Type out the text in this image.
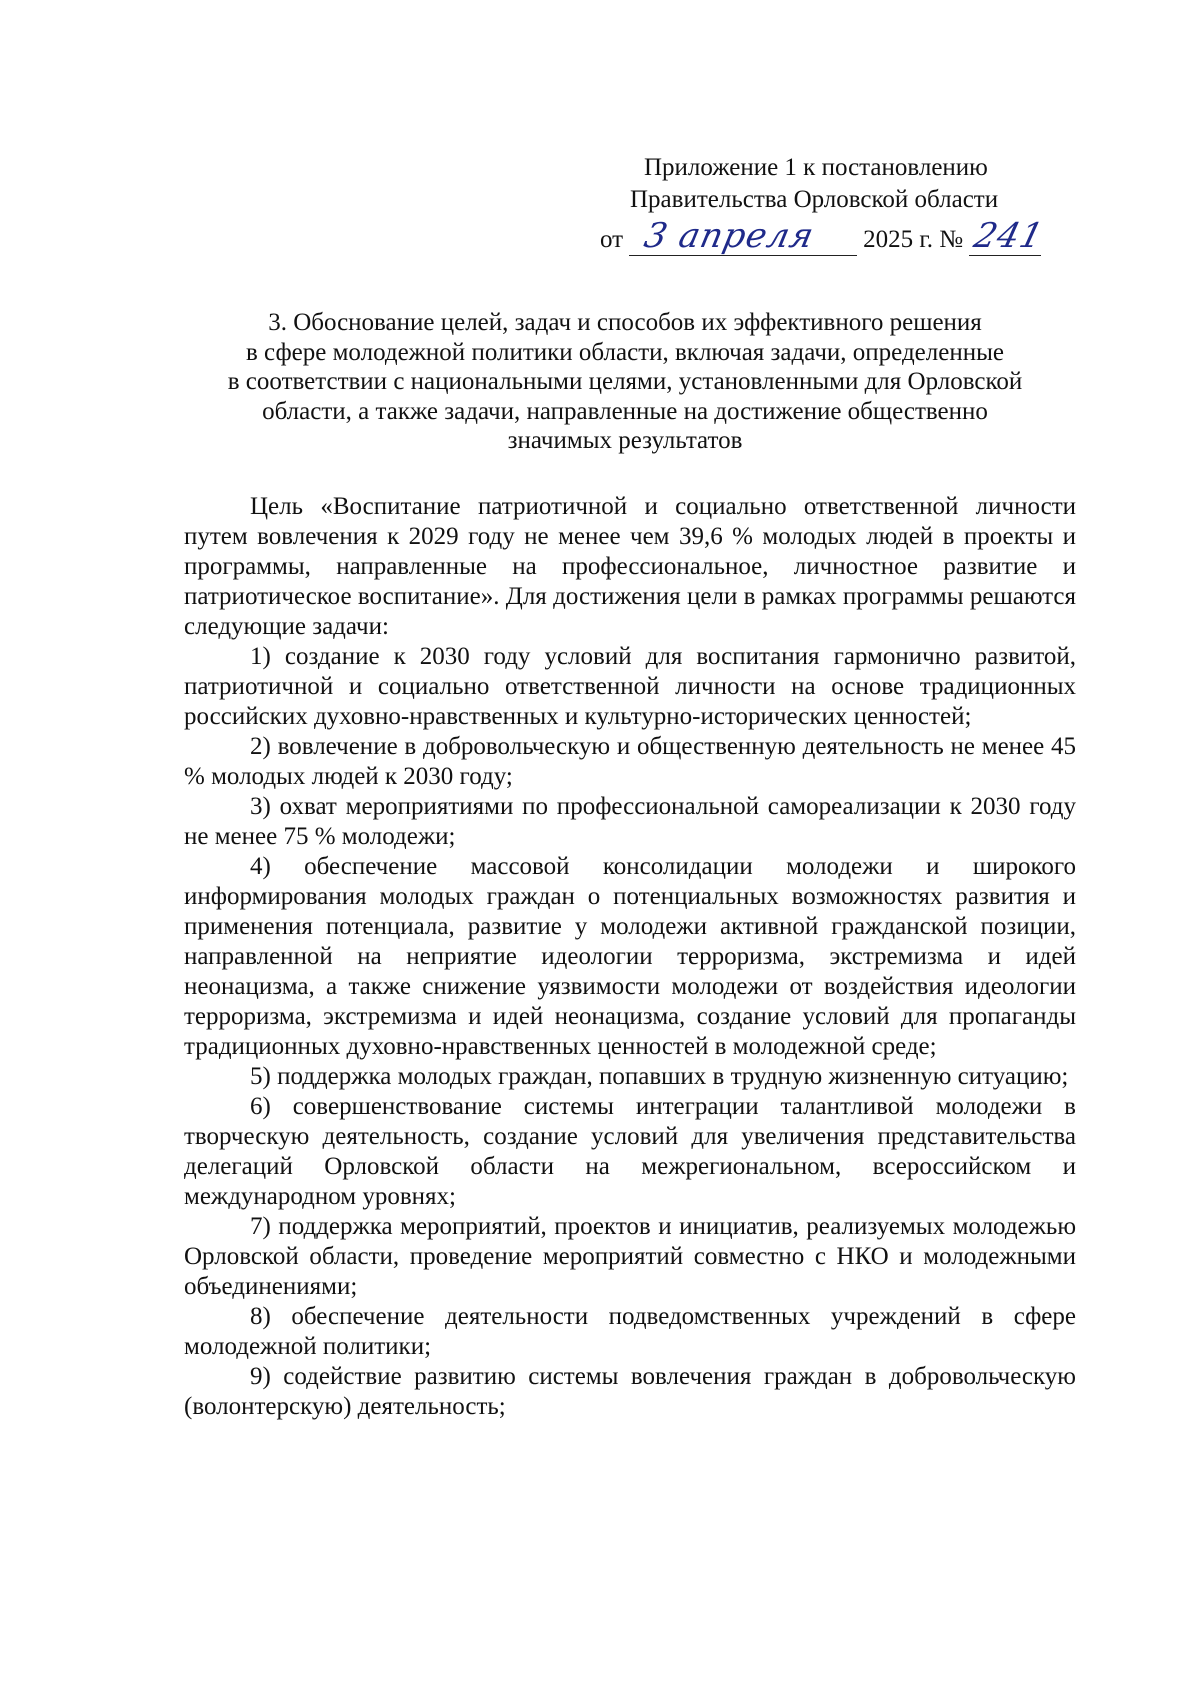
Приложение 1 к постановлению
Правительства Орловской области
от 3 апреля 2025 г. № 241
3. Обоснование целей, задач и способов их эффективного решения
в сфере молодежной политики области, включая задачи, определенные
в соответствии с национальными целями, установленными для Орловской
области, а также задачи, направленные на достижение общественно
значимых результатов

Цель «Воспитание патриотичной и социально ответственной личности путем вовлечения к 2029 году не менее чем 39,6 % молодых людей в проекты и программы, направленные на профессиональное, личностное развитие и патриотическое воспитание». Для достижения цели в рамках программы решаются следующие задачи:

1) создание к 2030 году условий для воспитания гармонично развитой, патриотичной и социально ответственной личности на основе традиционных российских духовно-нравственных и культурно-исторических ценностей;

2) вовлечение в добровольческую и общественную деятельность не менее 45 % молодых людей к 2030 году;

3) охват мероприятиями по профессиональной самореализации к 2030 году не менее 75 % молодежи;

4) обеспечение массовой консолидации молодежи и широкого информирования молодых граждан о потенциальных возможностях развития и применения потенциала, развитие у молодежи активной гражданской позиции, направленной на неприятие идеологии терроризма, экстремизма и идей неонацизма, а также снижение уязвимости молодежи от воздействия идеологии терроризма, экстремизма и идей неонацизма, создание условий для пропаганды традиционных духовно-нравственных ценностей в молодежной среде;

5) поддержка молодых граждан, попавших в трудную жизненную ситуацию;

6) совершенствование системы интеграции талантливой молодежи в творческую деятельность, создание условий для увеличения представительства делегаций Орловской области на межрегиональном, всероссийском и международном уровнях;

7) поддержка мероприятий, проектов и инициатив, реализуемых молодежью Орловской области, проведение мероприятий совместно с НКО и молодежными объединениями;

8) обеспечение деятельности подведомственных учреждений в сфере молодежной политики;

9) содействие развитию системы вовлечения граждан в добровольческую (волонтерскую) деятельность;
